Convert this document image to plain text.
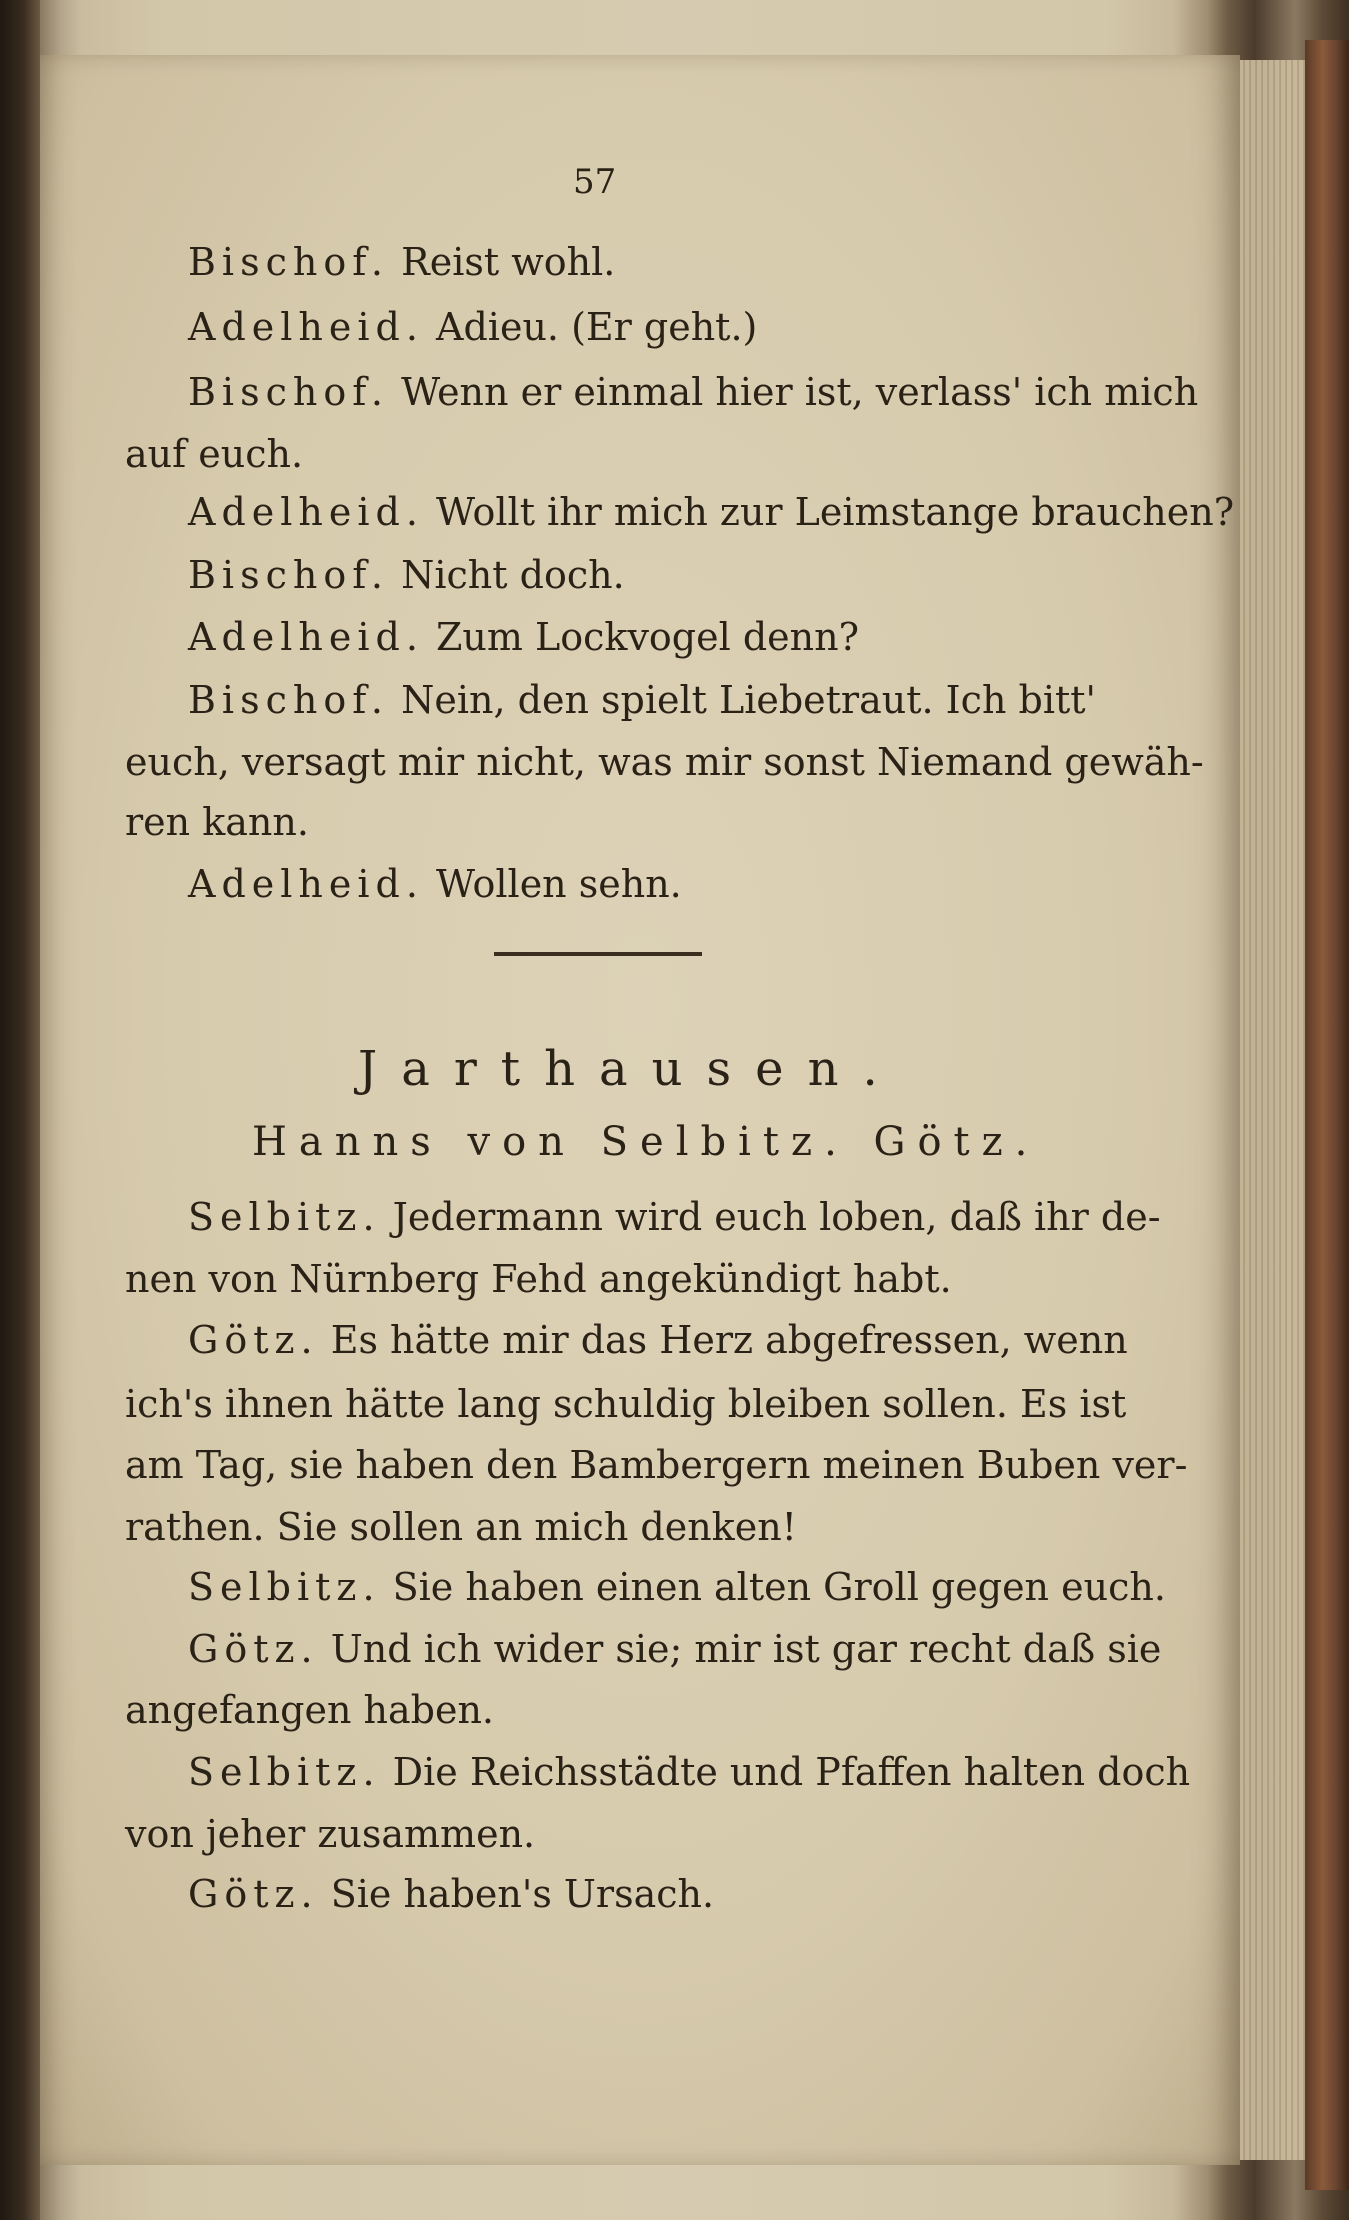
57
Bischof. Reist wohl.
Adelheid. Adieu. (Er geht.)
Bischof. Wenn er einmal hier ist, verlass' ich mich
auf euch.
Adelheid. Wollt ihr mich zur Leimstange brauchen?
Bischof. Nicht doch.
Adelheid. Zum Lockvogel denn?
Bischof. Nein, den spielt Liebetraut. Ich bitt'
euch, versagt mir nicht, was mir sonst Niemand gewäh-
ren kann.
Adelheid. Wollen sehn.
Jarthausen.
Hanns von Selbitz. Götz.
Selbitz. Jedermann wird euch loben, daß ihr de-
nen von Nürnberg Fehd angekündigt habt.
Götz. Es hätte mir das Herz abgefressen, wenn
ich's ihnen hätte lang schuldig bleiben sollen. Es ist
am Tag, sie haben den Bambergern meinen Buben ver-
rathen. Sie sollen an mich denken!
Selbitz. Sie haben einen alten Groll gegen euch.
Götz. Und ich wider sie; mir ist gar recht daß sie
angefangen haben.
Selbitz. Die Reichsstädte und Pfaffen halten doch
von jeher zusammen.
Götz. Sie haben's Ursach.
